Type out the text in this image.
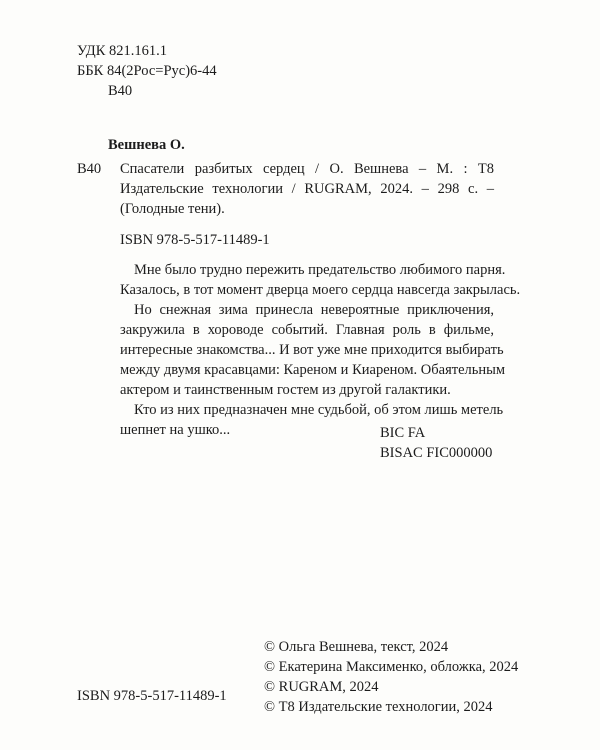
УДК 821.161.1
ББК 84(2Рос=Рус)6-44
В40
Вешнева О.
В40 Спасатели разбитых сердец / О. Вешнева – М. : Т8
Издательские технологии / RUGRAM, 2024. – 298 с. –
(Голодные тени).
ISBN 978-5-517-11489-1
Мне было трудно пережить предательство любимого парня.
Казалось, в тот момент дверца моего сердца навсегда закрылась.
Но снежная зима принесла невероятные приключения,
закружила в хороводе событий. Главная роль в фильме,
интересные знакомства... И вот уже мне приходится выбирать
между двумя красавцами: Кареном и Киареном. Обаятельным
актером и таинственным гостем из другой галактики.
Кто из них предназначен мне судьбой, об этом лишь метель
шепнет на ушко...	BIC FA
BISAC FIC000000
© Ольга Вешнева, текст, 2024
© Екатерина Максименко, обложка, 2024
© RUGRAM, 2024
© Т8 Издательские технологии, 2024
ISBN 978-5-517-11489-1
